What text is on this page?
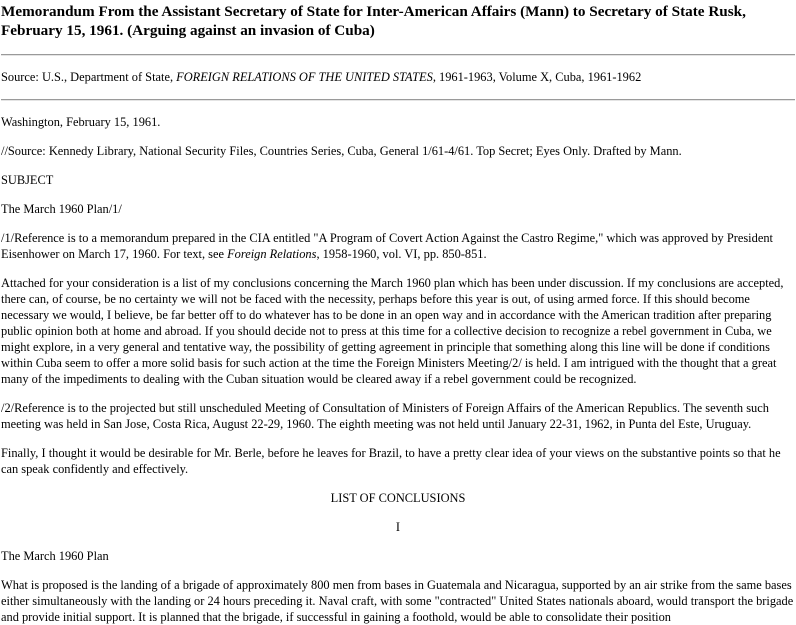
Memorandum From the Assistant Secretary of State for Inter-American Affairs (Mann) to Secretary of State Rusk, February 15, 1961. (Arguing against an invasion of Cuba)

Source: U.S., Department of State, FOREIGN RELATIONS OF THE UNITED STATES, 1961-1963, Volume X, Cuba, 1961-1962

Washington, February 15, 1961.

//Source: Kennedy Library, National Security Files, Countries Series, Cuba, General 1/61-4/61. Top Secret; Eyes Only. Drafted by Mann.

SUBJECT

The March 1960 Plan/1/

/1/Reference is to a memorandum prepared in the CIA entitled "A Program of Covert Action Against the Castro Regime," which was approved by President Eisenhower on March 17, 1960. For text, see Foreign Relations, 1958-1960, vol. VI, pp. 850-851.

Attached for your consideration is a list of my conclusions concerning the March 1960 plan which has been under discussion. If my conclusions are accepted, there can, of course, be no certainty we will not be faced with the necessity, perhaps before this year is out, of using armed force. If this should become necessary we would, I believe, be far better off to do whatever has to be done in an open way and in accordance with the American tradition after preparing public opinion both at home and abroad. If you should decide not to press at this time for a collective decision to recognize a rebel government in Cuba, we might explore, in a very general and tentative way, the possibility of getting agreement in principle that something along this line will be done if conditions within Cuba seem to offer a more solid basis for such action at the time the Foreign Ministers Meeting/2/ is held. I am intrigued with the thought that a great many of the impediments to dealing with the Cuban situation would be cleared away if a rebel government could be recognized.

/2/Reference is to the projected but still unscheduled Meeting of Consultation of Ministers of Foreign Affairs of the American Republics. The seventh such meeting was held in San Jose, Costa Rica, August 22-29, 1960. The eighth meeting was not held until January 22-31, 1962, in Punta del Este, Uruguay.

Finally, I thought it would be desirable for Mr. Berle, before he leaves for Brazil, to have a pretty clear idea of your views on the substantive points so that he can speak confidently and effectively.

LIST OF CONCLUSIONS

I

The March 1960 Plan

What is proposed is the landing of a brigade of approximately 800 men from bases in Guatemala and Nicaragua, supported by an air strike from the same bases either simultaneously with the landing or 24 hours preceding it. Naval craft, with some "contracted" United States nationals aboard, would transport the brigade and provide initial support. It is planned that the brigade, if successful in gaining a foothold, would be able to consolidate their position
